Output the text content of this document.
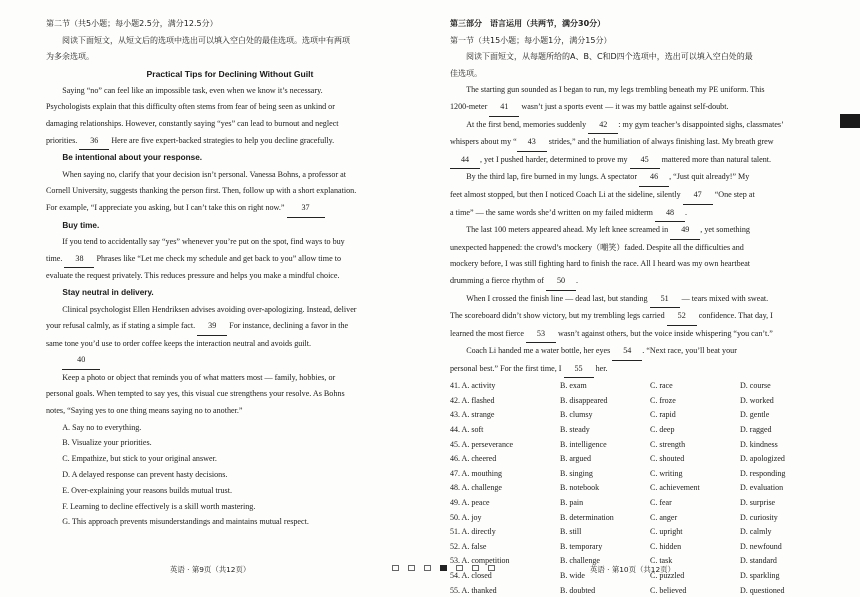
第二节（共5小题；每小题2.5分，满分12.5分）

阅读下面短文，从短文后的选项中选出可以填入空白处的最佳选项。选项中有两项

为多余选项。

Practical Tips for Declining Without Guilt

Saying “no” can feel like an impossible task, even when we know it’s necessary.

Psychologists explain that this difficulty often stems from fear of being seen as unkind or

damaging relationships. However, constantly saying “yes” can lead to burnout and neglect

priorities. 36 Here are five expert-backed strategies to help you decline gracefully.

Be intentional about your response.

When saying no, clarify that your decision isn’t personal. Vanessa Bohns, a professor at

Cornell University, suggests thanking the person first. Then, follow up with a short explanation.

For example, “I appreciate you asking, but I can’t take this on right now.” 37

Buy time.

If you tend to accidentally say “yes” whenever you’re put on the spot, find ways to buy

time. 38 Phrases like “Let me check my schedule and get back to you” allow time to

evaluate the request privately. This reduces pressure and helps you make a mindful choice.

Stay neutral in delivery.

Clinical psychologist Ellen Hendriksen advises avoiding over-apologizing. Instead, deliver

your refusal calmly, as if stating a simple fact. 39 For instance, declining a favor in the

same tone you’d use to order coffee keeps the interaction neutral and avoids guilt.

40

Keep a photo or object that reminds you of what matters most — family, hobbies, or

personal goals. When tempted to say yes, this visual cue strengthens your resolve. As Bohns

notes, “Saying yes to one thing means saying no to another.”

A. Say no to everything.

B. Visualize your priorities.

C. Empathize, but stick to your original answer.

D. A delayed response can prevent hasty decisions.

E. Over-explaining your reasons builds mutual trust.

F. Learning to decline effectively is a skill worth mastering.

G. This approach prevents misunderstandings and maintains mutual respect.

英语 · 第9页（共12页）

第三部分　语言运用（共两节，满分30分）

第一节（共15小题；每小题1分，满分15分）

阅读下面短文，从每题所给的A、B、C和D四个选项中，选出可以填入空白处的最

佳选项。

The starting gun sounded as I began to run, my legs trembling beneath my PE uniform. This

1200-meter 41 wasn’t just a sports event — it was my battle against self-doubt.

At the first bend, memories suddenly 42 : my gym teacher’s disappointed sighs, classmates’

whispers about my “ 43 strides,” and the humiliation of always finishing last. My breath grew

44 , yet I pushed harder, determined to prove my 45 mattered more than natural talent.

By the third lap, fire burned in my lungs. A spectator 46 , “Just quit already!” My

feet almost stopped, but then I noticed Coach Li at the sideline, silently 47 “One step at

a time” — the same words she’d written on my failed midterm 48 .

The last 100 meters appeared ahead. My left knee screamed in 49 , yet something

unexpected happened: the crowd’s mockery（嘲笑）faded. Despite all the difficulties and

mockery before, I was still fighting hard to finish the race. All I heard was my own heartbeat

drumming a fierce rhythm of 50 .

When I crossed the finish line — dead last, but standing 51 — tears mixed with sweat.

The scoreboard didn’t show victory, but my trembling legs carried 52 confidence. That day, I

learned the most fierce 53 wasn’t against others, but the voice inside whispering “you can’t.”

Coach Li handed me a water bottle, her eyes 54 . “Next race, you’ll beat your

personal best.” For the first time, I 55 her.

41. A. activity	B. exam	C. race	D. course
42. A. flashed	B. disappeared	C. froze	D. worked
43. A. strange	B. clumsy	C. rapid	D. gentle
44. A. soft	B. steady	C. deep	D. ragged
45. A. perseverance	B. intelligence	C. strength	D. kindness
46. A. cheered	B. argued	C. shouted	D. apologized
47. A. mouthing	B. singing	C. writing	D. responding
48. A. challenge	B. notebook	C. achievement	D. evaluation
49. A. peace	B. pain	C. fear	D. surprise
50. A. joy	B. determination	C. anger	D. curiosity
51. A. directly	B. still	C. upright	D. calmly
52. A. false	B. temporary	C. hidden	D. newfound
53. A. competition	B. challenge	C. task	D. standard
54. A. closed	B. wide	C. puzzled	D. sparkling
55. A. thanked	B. doubted	C. believed	D. questioned
英语 · 第10页（共12页）
